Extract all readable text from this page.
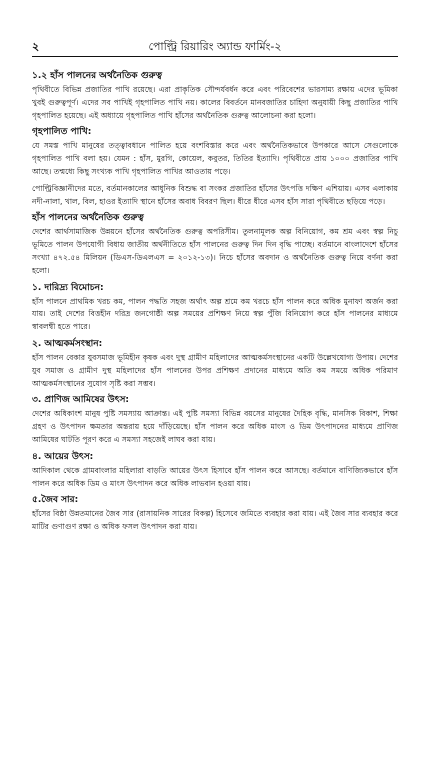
২	পোল্ট্রি রিয়ারিং অ্যান্ড ফার্মিং-২
১.২ হাঁস পালনের অর্থনৈতিক গুরুত্ব

পৃথিবীতে বিভিন্ন প্রজাতির পাখি রয়েছে। এরা প্রাকৃতিক সৌন্দর্যবর্ধন করে এবং পরিবেশের ভারসাম্য রক্ষায় এদের ভূমিকা খুবই গুরুত্বপূর্ণ। এদের সব পাখিই গৃহপালিত পাখি নয়। কালের বিবর্তনে মানবজাতির চাহিদা অনুযায়ী কিছু প্রজাতির পাখি গৃহপালিত হয়েছে। এই অধ্যায়ে গৃহপালিত পাখি হাঁসের অর্থনৈতিক গুরুত্ব আলোচনা করা হলো।

গৃহপালিত পাখি:

যে সমস্ত পাখি মানুষের তত্ত্বাবধানে পালিত হয়ে বংশবিস্তার করে এবং অর্থনৈতিকভাবে উপকারে আসে সেগুলোকে গৃহপালিত পাখি বলা হয়। যেমন : হাঁস, মুরগি, কোয়েল, কবুতর, তিতির ইত্যাদি। পৃথিবীতে প্রায় ১০০০ প্রজাতির পাখি আছে। তন্মধ্যে কিছু সংখ্যক পাখি গৃহপালিত পাখির আওতায় পড়ে।

পোল্ট্রিবিজ্ঞানীদের মতে, বর্তমানকালের আধুনিক বিশুদ্ধ বা সংকর প্রজাতির হাঁসের উৎপত্তি দক্ষিণ এশিয়ায়। এসব এলাকায় নদী-নালা, খাল, বিল, হাওর ইত্যাদি স্থানে হাঁসের অবাধ বিবরণ ছিল। ধীরে ধীরে এসব হাঁস সারা পৃথিবীতে ছড়িয়ে পড়ে।

হাঁস পালনের অর্থনৈতিক গুরুত্ব

দেশের আর্থসামাজিক উন্নয়নে হাঁসের অর্থনৈতিক গুরুত্ব অপরিসীম। তুলনামূলক অল্প বিনিয়োগ, কম শ্রম এবং স্বল্প নিচু ভূমিতে পালন উপযোগী বিধায় জাতীয় অর্থনীতিতে হাঁস পালনের গুরুত্ব দিন দিন বৃদ্ধি পাচ্ছে। বর্তমানে বাংলাদেশে হাঁসের সংখ্যা ৪৭২.৫৪ মিলিয়ন (ডিএস-ডিএলএস = ২০১২-১৩)। নিচে হাঁসের অবদান ও অর্থনৈতিক গুরুত্ব নিয়ে বর্ণনা করা হলো।

১. দারিদ্র্য বিমোচন:

হাঁস পালনে প্রাথমিক খরচ কম, পালন পদ্ধতি সহজ অর্থাৎ অল্প শ্রমে কম খরচে হাঁস পালন করে অধিক মুনাফা অর্জন করা যায়। তাই দেশের বিত্তহীন দরিদ্র জনগোষ্ঠী অল্প সময়ের প্রশিক্ষণ নিয়ে স্বল্প পুঁজি বিনিয়োগ করে হাঁস পালনের মাধ্যমে স্বাবলম্বী হতে পারে।

২. আত্মকর্মসংস্থান:

হাঁস পালন বেকার যুবসমাজ ভূমিহীন কৃষক এবং দুস্থ গ্রামীণ মহিলাদের আত্মকর্মসংস্থানের একটি উল্লেখযোগ্য উপায়। দেশের যুব সমাজ ও গ্রামীণ দুস্থ মহিলাদের হাঁস পালনের উপর প্রশিক্ষণ প্রদানের মাধ্যমে অতি কম সময়ে অধিক পরিমাণ আত্মকর্মসংস্থানের সুযোগ সৃষ্টি করা সম্ভব।

৩. প্রাণিজ আমিষের উৎস:

দেশের অধিকাংশ মানুষ পুষ্টি সমস্যায় আক্রান্ত। এই পুষ্টি সমস্যা বিভিন্ন বয়সের মানুষের দৈহিক বৃদ্ধি, মানসিক বিকাশ, শিক্ষা গ্রহণ ও উৎপাদন ক্ষমতার অন্তরায় হয়ে দাঁড়িয়েছে। হাঁস পালন করে অধিক মাংস ও ডিম উৎপাদনের মাধ্যমে প্রাণিজ আমিষের ঘাটতি পূরণ করে এ সমস্যা সহজেই লাঘব করা যায়।

৪. আয়ের উৎস:

আদিকাল থেকে গ্রামবাংলার মহিলারা বাড়তি আয়ের উৎস হিসাবে হাঁস পালন করে আসছে। বর্তমানে বাণিজ্যিকভাবে হাঁস পালন করে অধিক ডিম ও মাংস উৎপাদন করে অধিক লাভবান হওয়া যায়।

৫.জৈব সার:

হাঁসের বিষ্ঠা উন্নতমানের জৈব সার (রাসায়নিক সারের বিকল্প) হিসেবে জমিতে ব্যবহার করা যায়। এই জৈব সার ব্যবহার করে মাটির গুণাগুণ রক্ষা ও অধিক ফসল উৎপাদন করা যায়।
